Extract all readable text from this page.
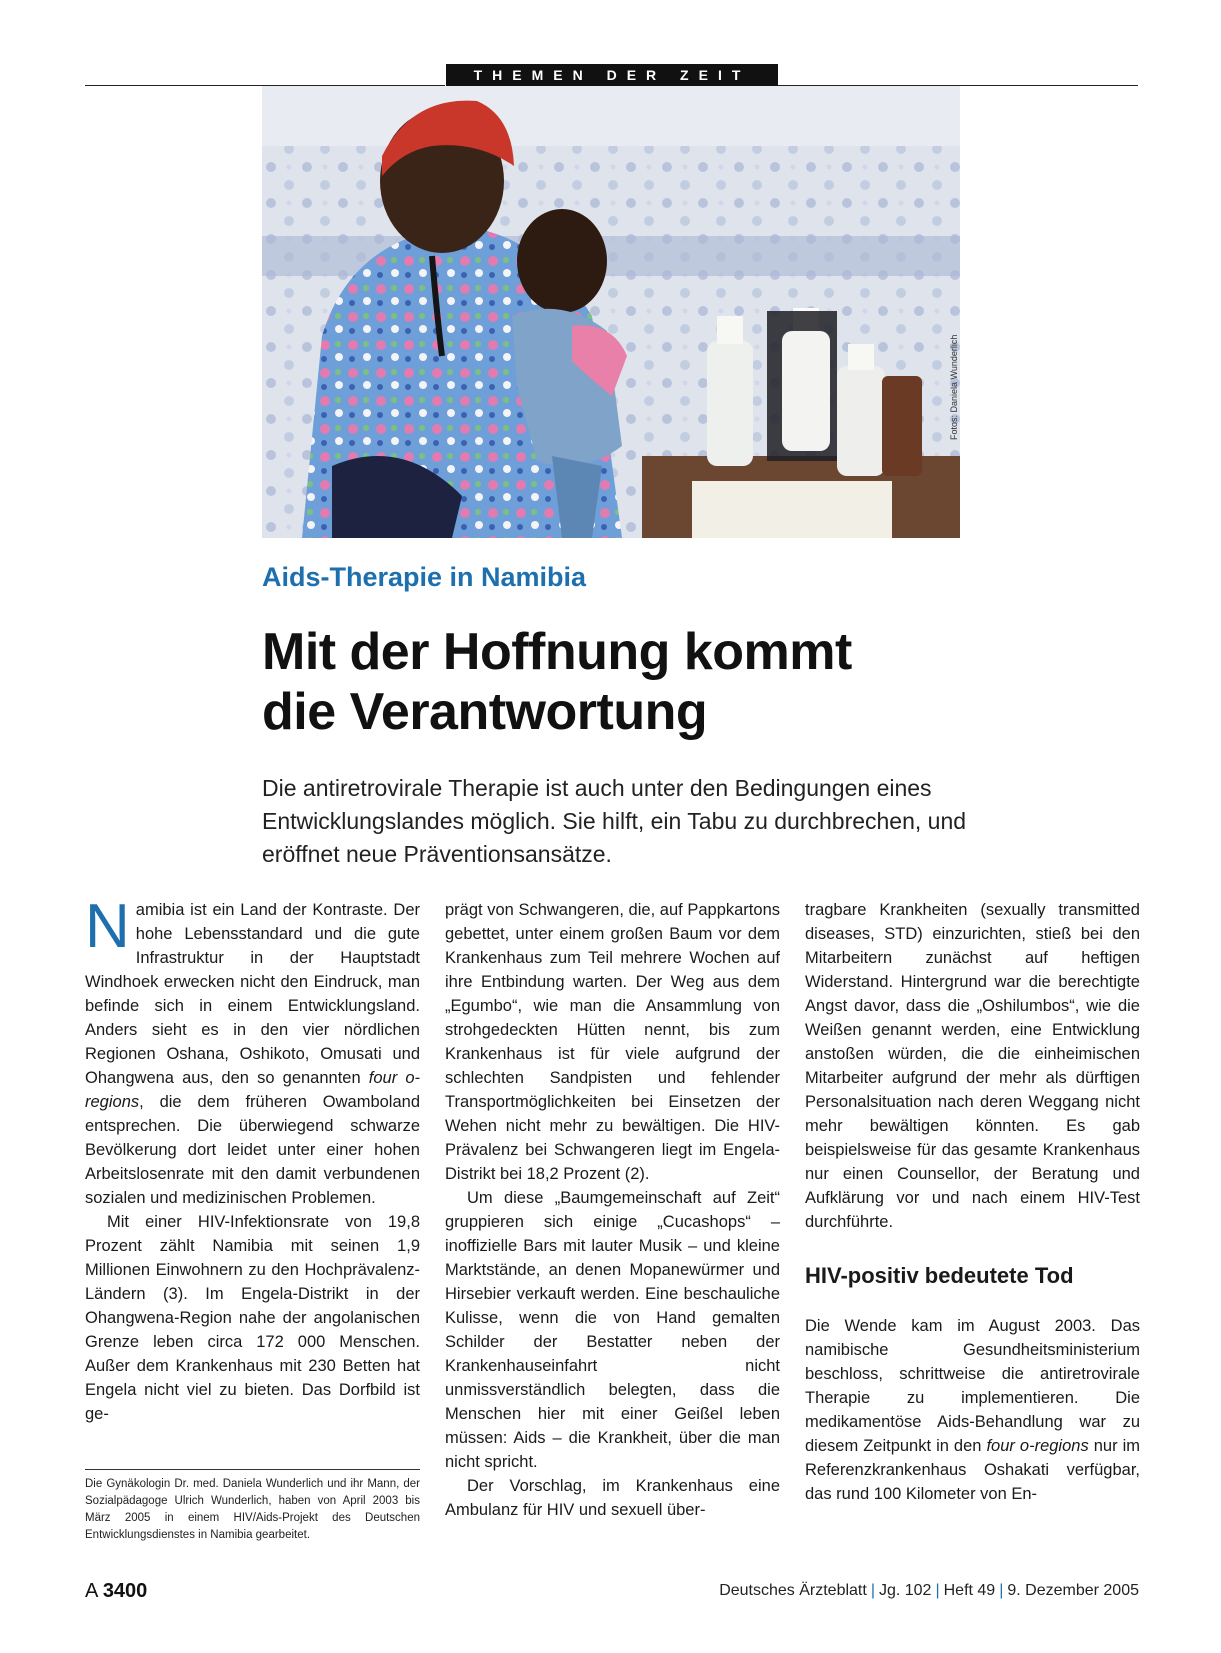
THEMEN DER ZEIT
Fotos: Daniela Wunderlich
Aids-Therapie in Namibia
Mit der Hoffnung kommt
die Verantwortung
Die antiretrovirale Therapie ist auch unter den Bedingungen eines Entwicklungslandes möglich. Sie hilft, ein Tabu zu durchbrechen, und eröffnet neue Präventionsansätze.

Namibia ist ein Land der Kontraste. Der hohe Lebensstandard und die gute Infrastruktur in der Hauptstadt Windhoek erwecken nicht den Eindruck, man befinde sich in einem Entwicklungsland. Anders sieht es in den vier nördlichen Regionen Oshana, Oshikoto, Omusati und Ohangwena aus, den so genannten four o-regions, die dem früheren Owamboland entsprechen. Die überwiegend schwarze Bevölkerung dort leidet unter einer hohen Arbeitslosenrate mit den damit verbundenen sozialen und medizinischen Problemen.

Mit einer HIV-Infektionsrate von 19,8 Prozent zählt Namibia mit seinen 1,9 Millionen Einwohnern zu den Hochprävalenz-Ländern (3). Im Engela-Distrikt in der Ohangwena-Region nahe der angolanischen Grenze leben circa 172 000 Menschen. Außer dem Krankenhaus mit 230 Betten hat Engela nicht viel zu bieten. Das Dorfbild ist ge-

Die Gynäkologin Dr. med. Daniela Wunderlich und ihr Mann, der Sozialpädagoge Ulrich Wunderlich, haben von April 2003 bis März 2005 in einem HIV/Aids-Projekt des Deutschen Entwicklungsdienstes in Namibia gearbeitet.

prägt von Schwangeren, die, auf Pappkartons gebettet, unter einem großen Baum vor dem Krankenhaus zum Teil mehrere Wochen auf ihre Entbindung warten. Der Weg aus dem „Egumbo“, wie man die Ansammlung von strohgedeckten Hütten nennt, bis zum Krankenhaus ist für viele aufgrund der schlechten Sandpisten und fehlender Transportmöglichkeiten bei Einsetzen der Wehen nicht mehr zu bewältigen. Die HIV-Prävalenz bei Schwangeren liegt im Engela-Distrikt bei 18,2 Prozent (2).

Um diese „Baumgemeinschaft auf Zeit“ gruppieren sich einige „Cucashops“ – inoffizielle Bars mit lauter Musik – und kleine Marktstände, an denen Mopanewürmer und Hirsebier verkauft werden. Eine beschauliche Kulisse, wenn die von Hand gemalten Schilder der Bestatter neben der Krankenhauseinfahrt nicht unmissverständlich belegten, dass die Menschen hier mit einer Geißel leben müssen: Aids – die Krankheit, über die man nicht spricht.

Der Vorschlag, im Krankenhaus eine Ambulanz für HIV und sexuell über-

tragbare Krankheiten (sexually transmitted diseases, STD) einzurichten, stieß bei den Mitarbeitern zunächst auf heftigen Widerstand. Hintergrund war die berechtigte Angst davor, dass die „Oshilumbos“, wie die Weißen genannt werden, eine Entwicklung anstoßen würden, die die einheimischen Mitarbeiter aufgrund der mehr als dürftigen Personalsituation nach deren Weggang nicht mehr bewältigen könnten. Es gab beispielsweise für das gesamte Krankenhaus nur einen Counsellor, der Beratung und Aufklärung vor und nach einem HIV-Test durchführte.

HIV-positiv bedeutete Tod

Die Wende kam im August 2003. Das namibische Gesundheitsministerium beschloss, schrittweise die antiretrovirale Therapie zu implementieren. Die medikamentöse Aids-Behandlung war zu diesem Zeitpunkt in den four o-regions nur im Referenzkrankenhaus Oshakati verfügbar, das rund 100 Kilometer von En-

A 3400	Deutsches Ärzteblatt | Jg. 102 | Heft 49 | 9. Dezember 2005
